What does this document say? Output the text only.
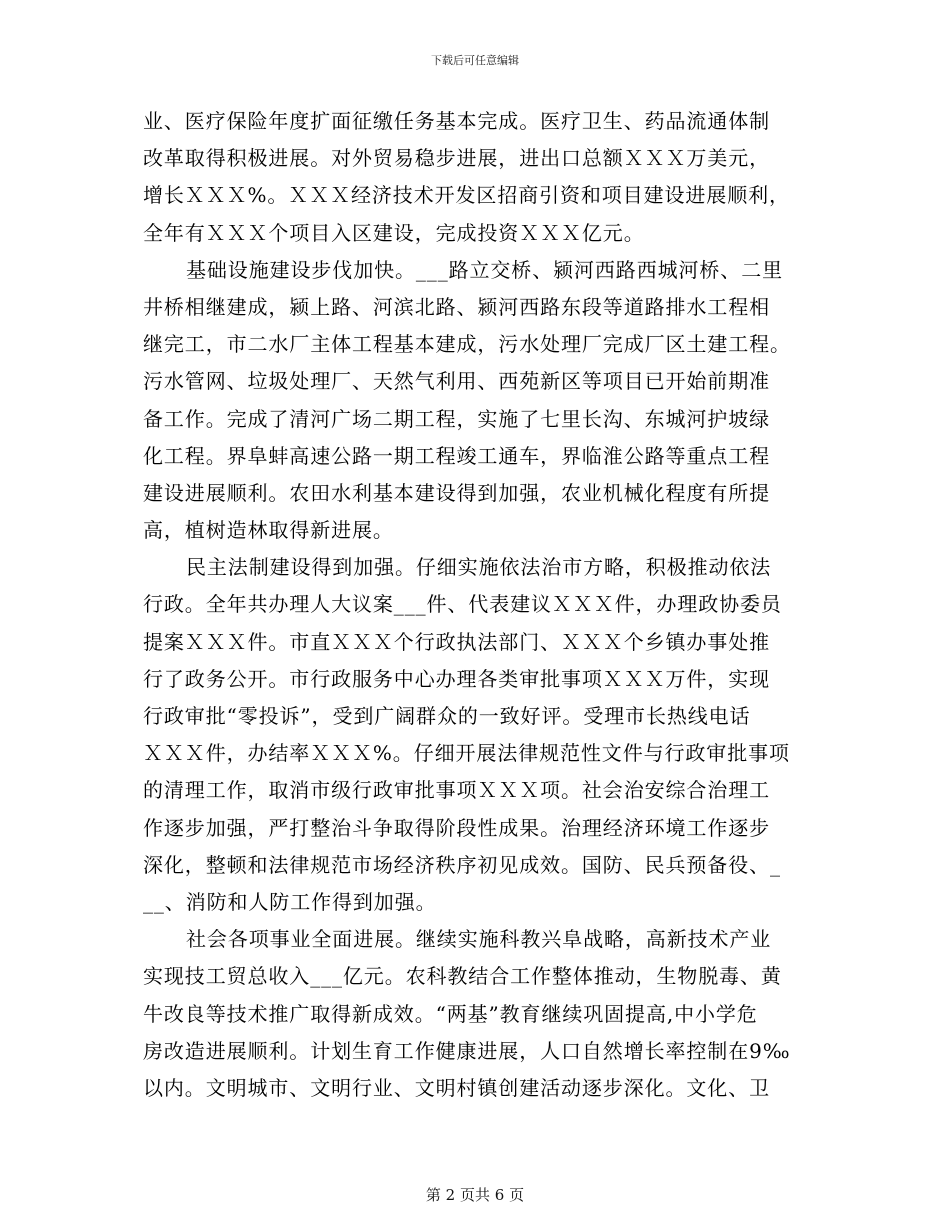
下载后可任意编辑
业、医疗保险年度扩面征缴任务基本完成。医疗卫生、药品流通体制
改革取得积极进展。对外贸易稳步进展，进出口总额ＸＸＸ万美元，
增长ＸＸＸ%。ＸＸＸ经济技术开发区招商引资和项目建设进展顺利，
全年有ＸＸＸ个项目入区建设，完成投资ＸＸＸ亿元。
基础设施建设步伐加快。___路立交桥、颍河西路西城河桥、二里
井桥相继建成，颍上路、河滨北路、颍河西路东段等道路排水工程相
继完工，市二水厂主体工程基本建成，污水处理厂完成厂区土建工程。
污水管网、垃圾处理厂、天然气利用、西苑新区等项目已开始前期准
备工作。完成了清河广场二期工程，实施了七里长沟、东城河护坡绿
化工程。界阜蚌高速公路一期工程竣工通车，界临淮公路等重点工程
建设进展顺利。农田水利基本建设得到加强，农业机械化程度有所提
高，植树造林取得新进展。
民主法制建设得到加强。仔细实施依法治市方略，积极推动依法
行政。全年共办理人大议案___件、代表建议ＸＸＸ件，办理政协委员
提案ＸＸＸ件。市直ＸＸＸ个行政执法部门、ＸＸＸ个乡镇办事处推
行了政务公开。市行政服务中心办理各类审批事项ＸＸＸ万件，实现
行政审批“零投诉”，受到广阔群众的一致好评。受理市长热线电话
ＸＸＸ件，办结率ＸＸＸ%。仔细开展法律规范性文件与行政审批事项
的清理工作，取消市级行政审批事项ＸＸＸ项。社会治安综合治理工
作逐步加强，严打整治斗争取得阶段性成果。治理经济环境工作逐步
深化，整顿和法律规范市场经济秩序初见成效。国防、民兵预备役、_
__、消防和人防工作得到加强。
社会各项事业全面进展。继续实施科教兴阜战略，高新技术产业
实现技工贸总收入___亿元。农科教结合工作整体推动，生物脱毒、黄
牛改良等技术推广取得新成效。“两基”教育继续巩固提高,中小学危
房改造进展顺利。计划生育工作健康进展，人口自然增长率控制在9‰
以内。文明城市、文明行业、文明村镇创建活动逐步深化。文化、卫
第 2 页共 6 页
